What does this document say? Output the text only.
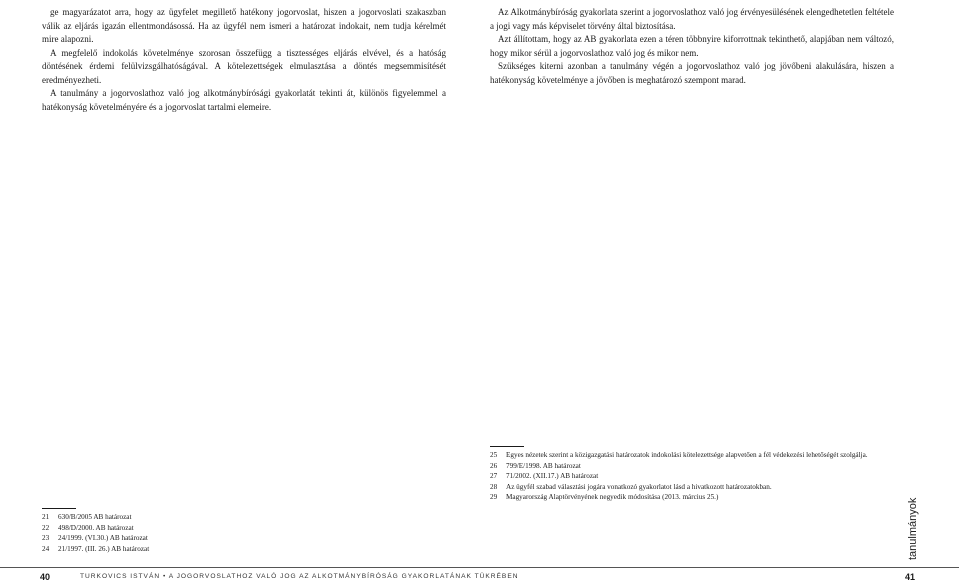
ge magyarázatot arra, hogy az ügyfelet megillető hatékony jogorvoslat, hiszen a jogorvoslati szakaszban válik az eljárás igazán ellentmondásossá. Ha az ügyfél nem ismeri a határozat indokait, nem tudja kérelmét mire alapozni.

A megfelelő indokolás követelménye szorosan összefügg a tisztességes eljárás elvével, és a hatóság döntésének érdemi felülvizsgálhatóságával. A kötelezettségek elmulasztása a döntés megsemmisítését eredményezheti.

A tanulmány a jogorvoslathoz való jog alkotmánybírósági gyakorlatát tekinti át, különös figyelemmel a hatékonyság követelményére és a jogorvoslat tartalmi elemeire.

21	630/B/2005 AB határozat
22	498/D/2000. AB határozat
23	24/1999. (VI.30.) AB határozat
24	21/1997. (III. 26.) AB határozat

Az Alkotmánybíróság gyakorlata szerint a jogorvoslathoz való jog érvényesülésének elengedhetetlen feltétele a jogi vagy más képviselet törvény által biztosítása.

Azt állítottam, hogy az AB gyakorlata ezen a téren többnyire kiforrottnak tekinthető, alapjában nem változó, hogy mikor sérül a jogorvoslathoz való jog és mikor nem.

Szükséges kiterni azonban a tanulmány végén a jogorvoslathoz való jog jövőbeni alakulására, hiszen a hatékonyság követelménye a jövőben is meghatározó szempont marad.

25	Egyes nézetek szerint a közigazgatási határozatok indokolási kötelezettsége alapvetően a fél védekezési lehetőségét szolgálja.
26	799/E/1998. AB határozat
27	71/2002. (XII.17.) AB határozat
28	Az ügyfél szabad választási jogára vonatkozó gyakorlatot lásd a hivatkozott határozatokban.
29	Magyarország Alaptörvényének negyedik módosítása (2013. március 25.)
tanulmányok
40	TURKOVICS ISTVÁN • A JOGORVOSLATHOZ VALÓ JOG AZ ALKOTMÁNYBÍRÓSÁG GYAKORLATÁNAK TÜKRÉBEN	41
